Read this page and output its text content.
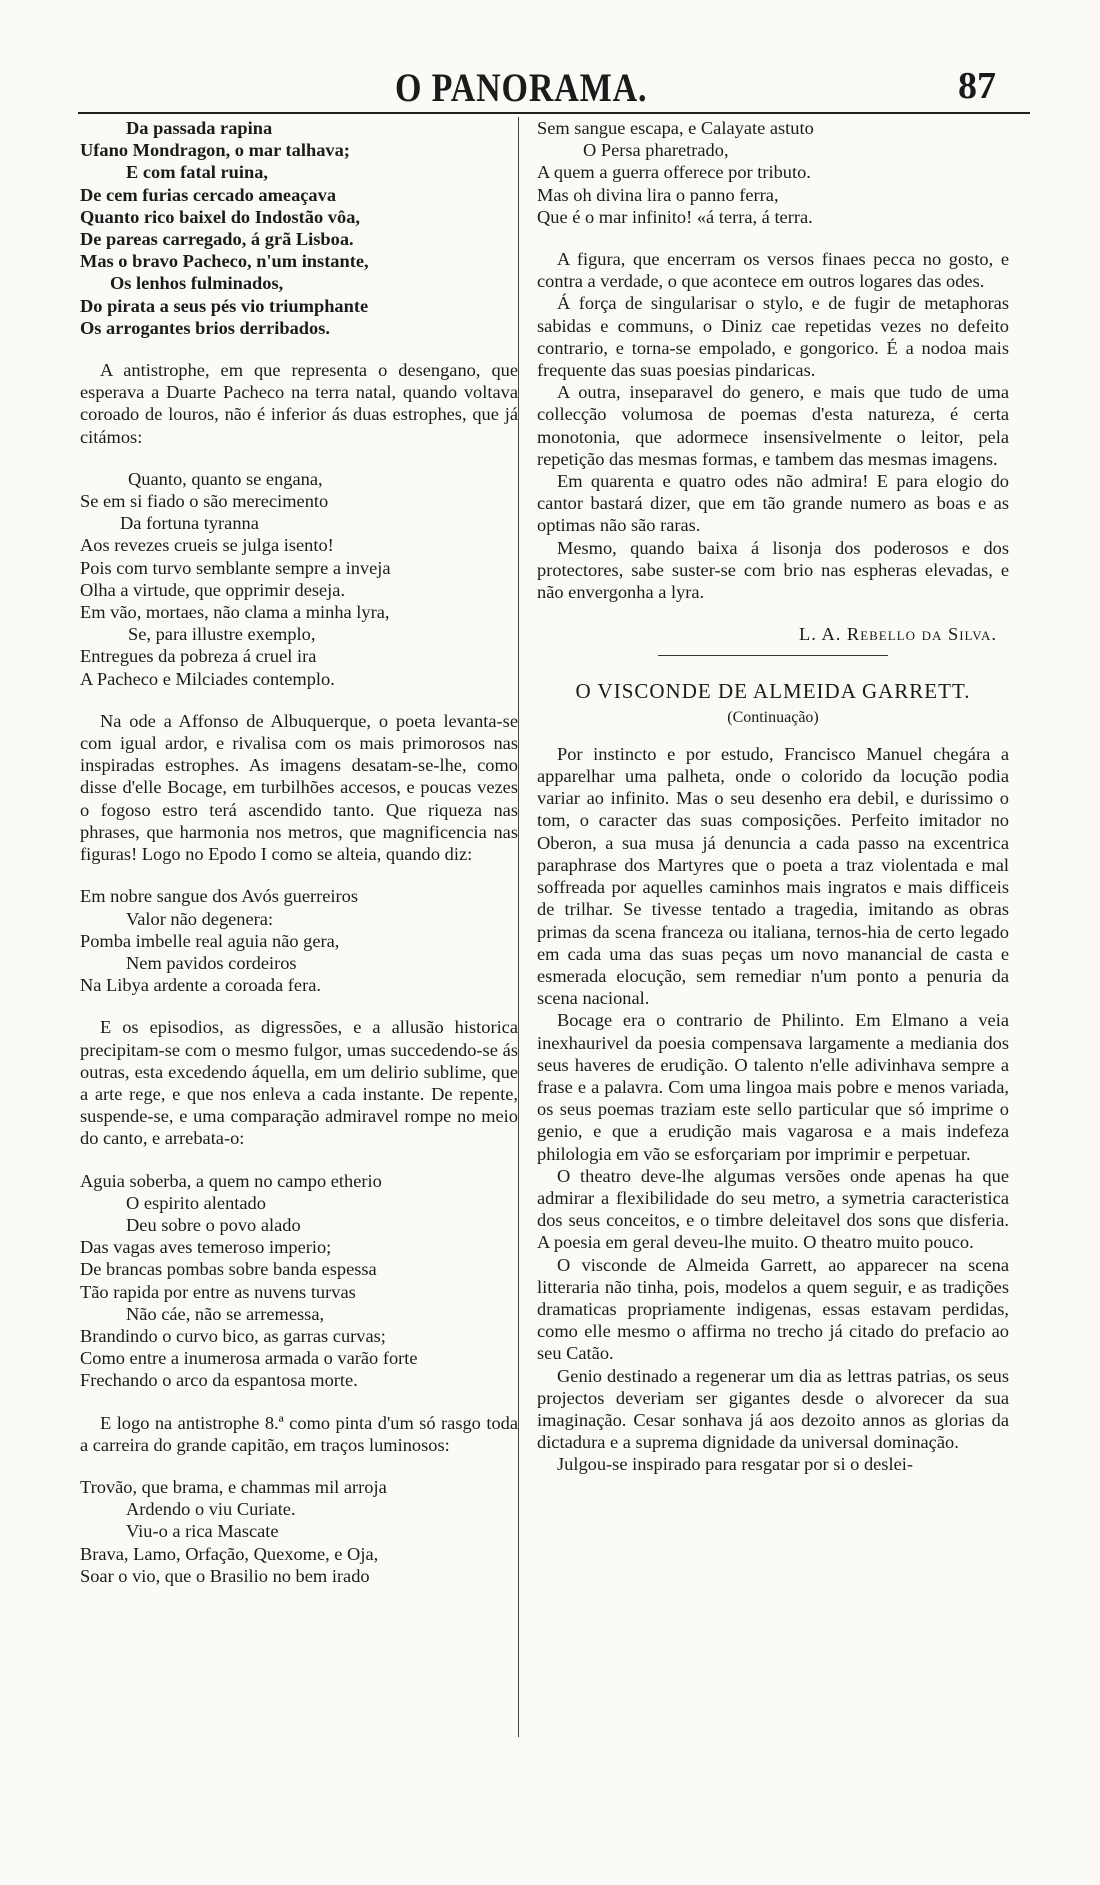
O PANORAMA.	87
Da passada rapina
Ufano Mondragon, o mar talhava;
E com fatal ruina,
De cem furias cercado ameaçava
Quanto rico baixel do Indostão vôa,
De pareas carregado, á grã Lisboa.
Mas o bravo Pacheco, n'um instante,
Os lenhos fulminados,
Do pirata a seus pés vio triumphante
Os arrogantes brios derribados.

A antistrophe, em que representa o desengano, que esperava a Duarte Pacheco na terra natal, quando voltava coroado de louros, não é inferior ás duas estrophes, que já citámos:

Quanto, quanto se engana,
Se em si fiado o são merecimento
Da fortuna tyranna
Aos revezes crueis se julga isento!
Pois com turvo semblante sempre a inveja
Olha a virtude, que opprimir deseja.
Em vão, mortaes, não clama a minha lyra,
Se, para illustre exemplo,
Entregues da pobreza á cruel ira
A Pacheco e Milciades contemplo.

Na ode a Affonso de Albuquerque, o poeta levanta-se com igual ardor, e rivalisa com os mais primorosos nas inspiradas estrophes. As imagens desatam-se-lhe, como disse d'elle Bocage, em turbilhões accesos, e poucas vezes o fogoso estro terá ascendido tanto. Que riqueza nas phrases, que harmonia nos metros, que magnificencia nas figuras! Logo no Epodo I como se alteia, quando diz:

Em nobre sangue dos Avós guerreiros
Valor não degenera:
Pomba imbelle real aguia não gera,
Nem pavidos cordeiros
Na Libya ardente a coroada fera.

E os episodios, as digressões, e a allusão historica precipitam-se com o mesmo fulgor, umas succedendo-se ás outras, esta excedendo áquella, em um delirio sublime, que a arte rege, e que nos enleva a cada instante. De repente, suspende-se, e uma comparação admiravel rompe no meio do canto, e arrebata-o:

Aguia soberba, a quem no campo etherio
O espirito alentado
Deu sobre o povo alado
Das vagas aves temeroso imperio;
De brancas pombas sobre banda espessa
Tão rapida por entre as nuvens turvas
Não cáe, não se arremessa,
Brandindo o curvo bico, as garras curvas;
Como entre a inumerosa armada o varão forte
Frechando o arco da espantosa morte.

E logo na antistrophe 8.ª como pinta d'um só rasgo toda a carreira do grande capitão, em traços luminosos:

Trovão, que brama, e chammas mil arroja
Ardendo o viu Curiate.
Viu-o a rica Mascate
Brava, Lamo, Orfação, Quexome, e Oja,
Soar o vio, que o Brasilio no bem irado
Sem sangue escapa, e Calayate astuto
O Persa pharetrado,
A quem a guerra offerece por tributo.
Mas oh divina lira o panno ferra,
Que é o mar infinito! «á terra, á terra.

A figura, que encerram os versos finaes pecca no gosto, e contra a verdade, o que acontece em outros logares das odes.

Á força de singularisar o stylo, e de fugir de metaphoras sabidas e communs, o Diniz cae repetidas vezes no defeito contrario, e torna-se empolado, e gongorico. É a nodoa mais frequente das suas poesias pindaricas.

A outra, inseparavel do genero, e mais que tudo de uma collecção volumosa de poemas d'esta natureza, é certa monotonia, que adormece insensivelmente o leitor, pela repetição das mesmas formas, e tambem das mesmas imagens.

Em quarenta e quatro odes não admira! E para elogio do cantor bastará dizer, que em tão grande numero as boas e as optimas não são raras.

Mesmo, quando baixa á lisonja dos poderosos e dos protectores, sabe suster-se com brio nas espheras elevadas, e não envergonha a lyra.

L. A. Rebello da Silva.

O VISCONDE DE ALMEIDA GARRETT.

(Continuação)

Por instincto e por estudo, Francisco Manuel chegára a apparelhar uma palheta, onde o colorido da locução podia variar ao infinito. Mas o seu desenho era debil, e durissimo o tom, o caracter das suas composições. Perfeito imitador no Oberon, a sua musa já denuncia a cada passo na excentrica paraphrase dos Martyres que o poeta a traz violentada e mal soffreada por aquelles caminhos mais ingratos e mais difficeis de trilhar. Se tivesse tentado a tragedia, imitando as obras primas da scena franceza ou italiana, ternos-hia de certo legado em cada uma das suas peças um novo manancial de casta e esmerada elocução, sem remediar n'um ponto a penuria da scena nacional.

Bocage era o contrario de Philinto. Em Elmano a veia inexhaurivel da poesia compensava largamente a mediania dos seus haveres de erudição. O talento n'elle adivinhava sempre a frase e a palavra. Com uma lingoa mais pobre e menos variada, os seus poemas traziam este sello particular que só imprime o genio, e que a erudição mais vagarosa e a mais indefeza philologia em vão se esforçariam por imprimir e perpetuar.

O theatro deve-lhe algumas versões onde apenas ha que admirar a flexibilidade do seu metro, a symetria caracteristica dos seus conceitos, e o timbre deleitavel dos sons que disferia. A poesia em geral deveu-lhe muito. O theatro muito pouco.

O visconde de Almeida Garrett, ao apparecer na scena litteraria não tinha, pois, modelos a quem seguir, e as tradições dramaticas propriamente indigenas, essas estavam perdidas, como elle mesmo o affirma no trecho já citado do prefacio ao seu Catão.

Genio destinado a regenerar um dia as lettras patrias, os seus projectos deveriam ser gigantes desde o alvorecer da sua imaginação. Cesar sonhava já aos dezoito annos as glorias da dictadura e a suprema dignidade da universal dominação.

Julgou-se inspirado para resgatar por si o deslei-
